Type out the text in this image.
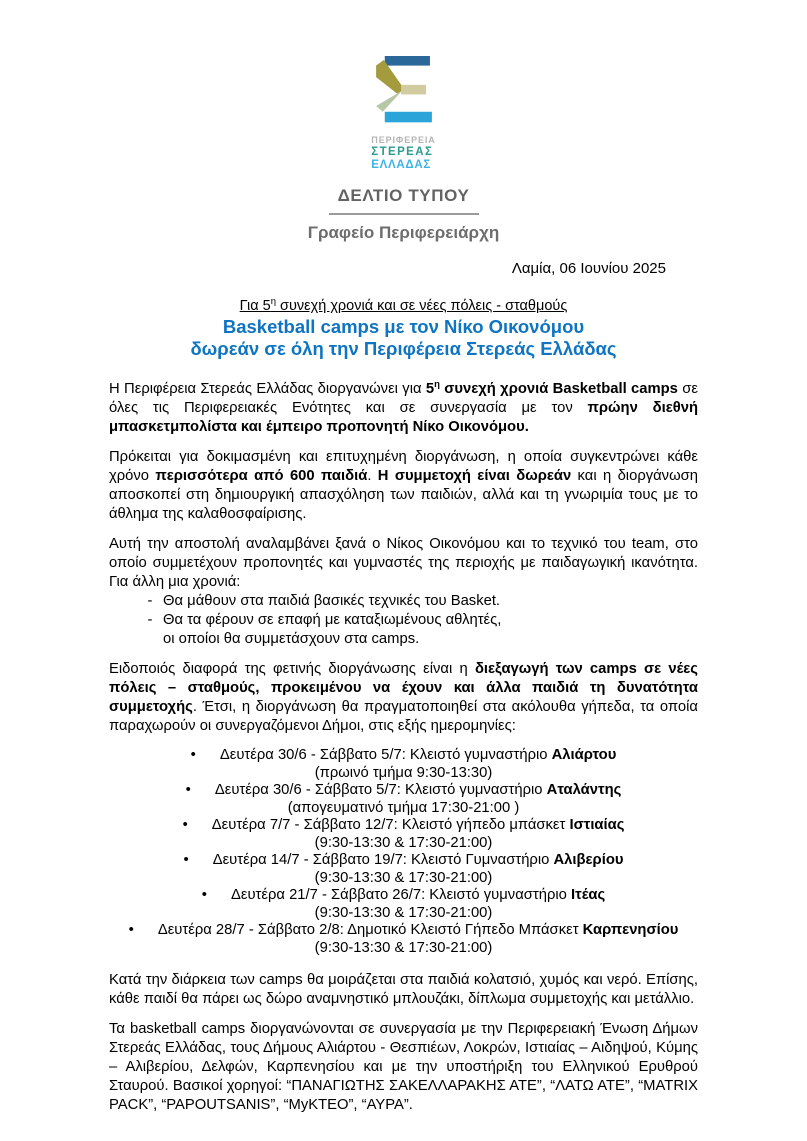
ΠΕΡΙΦΕΡΕΙΑ
ΣΤΕΡΕΑΣ
ΕΛΛΑΔΑΣ
ΔΕΛΤΙΟ ΤΥΠΟΥ
Γραφείο Περιφερειάρχη
Λαμία, 06 Ιουνίου 2025
Για $5^\eta$ συνεχή χρονιά και σε νέες πόλεις - σταθμούς
Basketball camps με τον Νίκο Οικονόμου
δωρεάν σε όλη την Περιφέρεια Στερεάς Ελλάδας

Η Περιφέρεια Στερεάς Ελλάδας διοργανώνει για $5^\eta$ συνεχή χρονιά Basketball camps σε όλες τις Περιφερειακές Ενότητες και σε συνεργασία με τον πρώην διεθνή μπασκετμπολίστα και έμπειρο προπονητή Νίκο Οικονόμου.

Πρόκειται για δοκιμασμένη και επιτυχημένη διοργάνωση, η οποία συγκεντρώνει κάθε χρόνο περισσότερα από 600 παιδιά. Η συμμετοχή είναι δωρεάν και η διοργάνωση αποσκοπεί στη δημιουργική απασχόληση των παιδιών, αλλά και τη γνωριμία τους με το άθλημα της καλαθοσφαίρισης.

Αυτή την αποστολή αναλαμβάνει ξανά ο Νίκος Οικονόμου και το τεχνικό του team, στο οποίο συμμετέχουν προπονητές και γυμναστές της περιοχής με παιδαγωγική ικανότητα. Για άλλη μια χρονιά:

- Θα μάθουν στα παιδιά βασικές τεχνικές του Basket.
- Θα τα φέρουν σε επαφή με καταξιωμένους αθλητές,
οι οποίοι θα συμμετάσχουν στα camps.

Ειδοποιός διαφορά της φετινής διοργάνωσης είναι η διεξαγωγή των camps σε νέες πόλεις – σταθμούς, προκειμένου να έχουν και άλλα παιδιά τη δυνατότητα συμμετοχής. Έτσι, η διοργάνωση θα πραγματοποιηθεί στα ακόλουθα γήπεδα, τα οποία παραχωρούν οι συνεργαζόμενοι Δήμοι, στις εξής ημερομηνίες:

• Δευτέρα 30/6 - Σάββατο 5/7: Κλειστό γυμναστήριο Αλιάρτου
(πρωινό τμήμα 9:30-13:30)
• Δευτέρα 30/6 - Σάββατο 5/7: Κλειστό γυμναστήριο Αταλάντης
(απογευματινό τμήμα 17:30-21:00 )
• Δευτέρα 7/7 - Σάββατο 12/7: Κλειστό γήπεδο μπάσκετ Ιστιαίας
(9:30-13:30 & 17:30-21:00)
• Δευτέρα 14/7 - Σάββατο 19/7: Κλειστό Γυμναστήριο Αλιβερίου
(9:30-13:30 & 17:30-21:00)
• Δευτέρα 21/7 - Σάββατο 26/7: Κλειστό γυμναστήριο Ιτέας
(9:30-13:30 & 17:30-21:00)
• Δευτέρα 28/7 - Σάββατο 2/8: Δημοτικό Κλειστό Γήπεδο Μπάσκετ Καρπενησίου
(9:30-13:30 & 17:30-21:00)

Κατά την διάρκεια των camps θα μοιράζεται στα παιδιά κολατσιό, χυμός και νερό. Επίσης, κάθε παιδί θα πάρει ως δώρο αναμνηστικό μπλουζάκι, δίπλωμα συμμετοχής και μετάλλιο.

Τα basketball camps διοργανώνονται σε συνεργασία με την Περιφερειακή Ένωση Δήμων Στερεάς Ελλάδας, τους Δήμους Αλιάρτου - Θεσπιέων, Λοκρών, Ιστιαίας – Αιδηψού, Κύμης – Αλιβερίου, Δελφών, Καρπενησίου και με την υποστήριξη του Ελληνικού Ερυθρού Σταυρού. Βασικοί χορηγοί: “ΠΑΝΑΓΙΩΤΗΣ ΣΑΚΕΛΛΑΡΑΚΗΣ ΑΤΕ”, “ΛΑΤΩ ΑΤΕ”, “MATRIX PACK”, “PAPOUTSANIS”, “MyKTEO”, “ΑΥΡΑ”.
